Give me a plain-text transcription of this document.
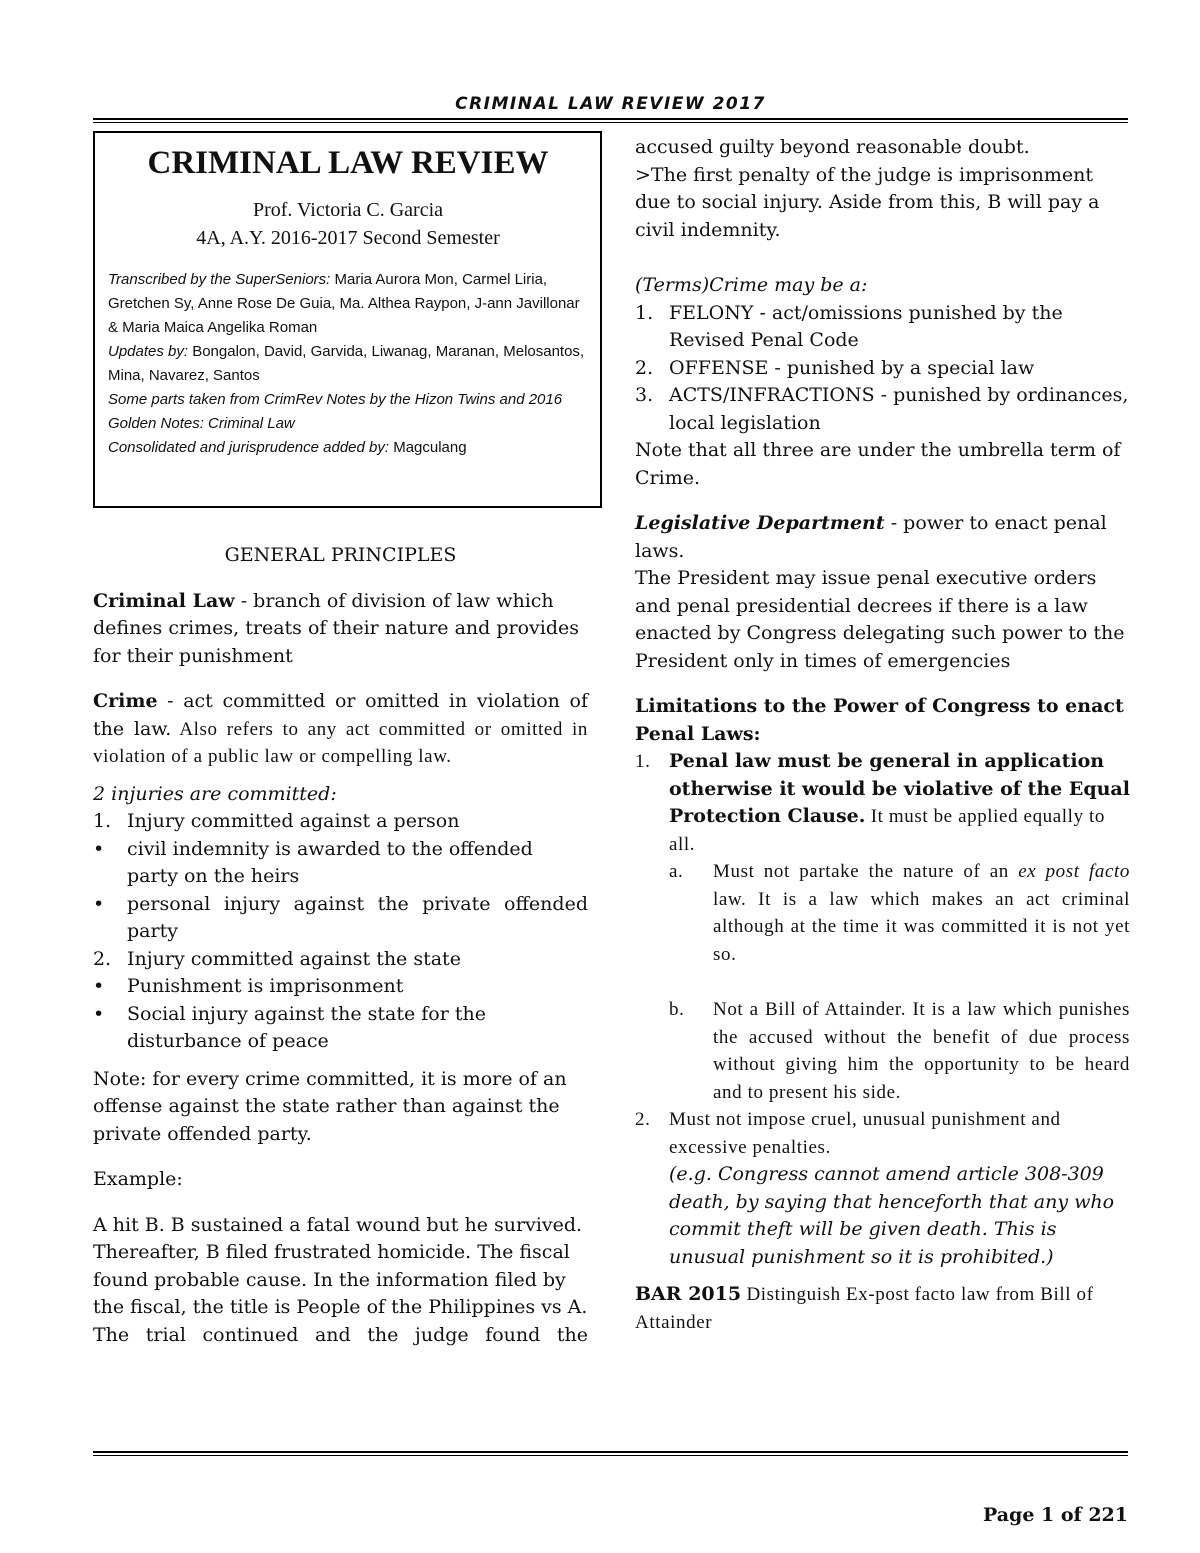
CRIMINAL LAW REVIEW 2017
CRIMINAL LAW REVIEW
Prof. Victoria C. Garcia
4A, A.Y. 2016-2017 Second Semester
Transcribed by the SuperSeniors: Maria Aurora Mon, Carmel Liria, Gretchen Sy, Anne Rose De Guia, Ma. Althea Raypon, J-ann Javillonar & Maria Maica Angelika Roman
Updates by: Bongalon, David, Garvida, Liwanag, Maranan, Melosantos, Mina, Navarez, Santos
Some parts taken from CrimRev Notes by the Hizon Twins and 2016 Golden Notes: Criminal Law
Consolidated and jurisprudence added by: Magculang

GENERAL PRINCIPLES

Criminal Law - branch of division of law which defines crimes, treats of their nature and provides for their punishment

Crime - act committed or omitted in violation of the law. Also refers to any act committed or omitted in violation of a public law or compelling law.

2 injuries are committed:

1. Injury committed against a person
•	civil indemnity is awarded to the offended party on the heirs
•	personal injury against the private offended party
2. Injury committed against the state
•	Punishment is imprisonment
•	Social injury against the state for the disturbance of peace

Note: for every crime committed, it is more of an offense against the state rather than against the private offended party.

Example:

A hit B. B sustained a fatal wound but he survived. Thereafter, B filed frustrated homicide. The fiscal found probable cause. In the information filed by the fiscal, the title is People of the Philippines vs A.

The trial continued and the judge found the

accused guilty beyond reasonable doubt.

>The first penalty of the judge is imprisonment due to social injury. Aside from this, B will pay a civil indemnity.

(Terms)Crime may be a:

1. FELONY - act/omissions punished by the Revised Penal Code
2. OFFENSE - punished by a special law
3. ACTS/INFRACTIONS - punished by ordinances, local legislation

Note that all three are under the umbrella term of Crime.

Legislative Department - power to enact penal laws.

The President may issue penal executive orders and penal presidential decrees if there is a law enacted by Congress delegating such power to the President only in times of emergencies

Limitations to the Power of Congress to enact Penal Laws:

1. Penal law must be general in application otherwise it would be violative of the Equal Protection Clause. It must be applied equally to all.
a.	Must not partake the nature of an ex post facto law. It is a law which makes an act criminal although at the time it was committed it is not yet so.
b.	Not a Bill of Attainder. It is a law which punishes the accused without the benefit of due process without giving him the opportunity to be heard and to present his side.
2. Must not impose cruel, unusual punishment and excessive penalties.
(e.g. Congress cannot amend article 308-309 death, by saying that henceforth that any who commit theft will be given death. This is unusual punishment so it is prohibited.)

BAR 2015 Distinguish Ex-post facto law from Bill of Attainder

Page 1 of 221
